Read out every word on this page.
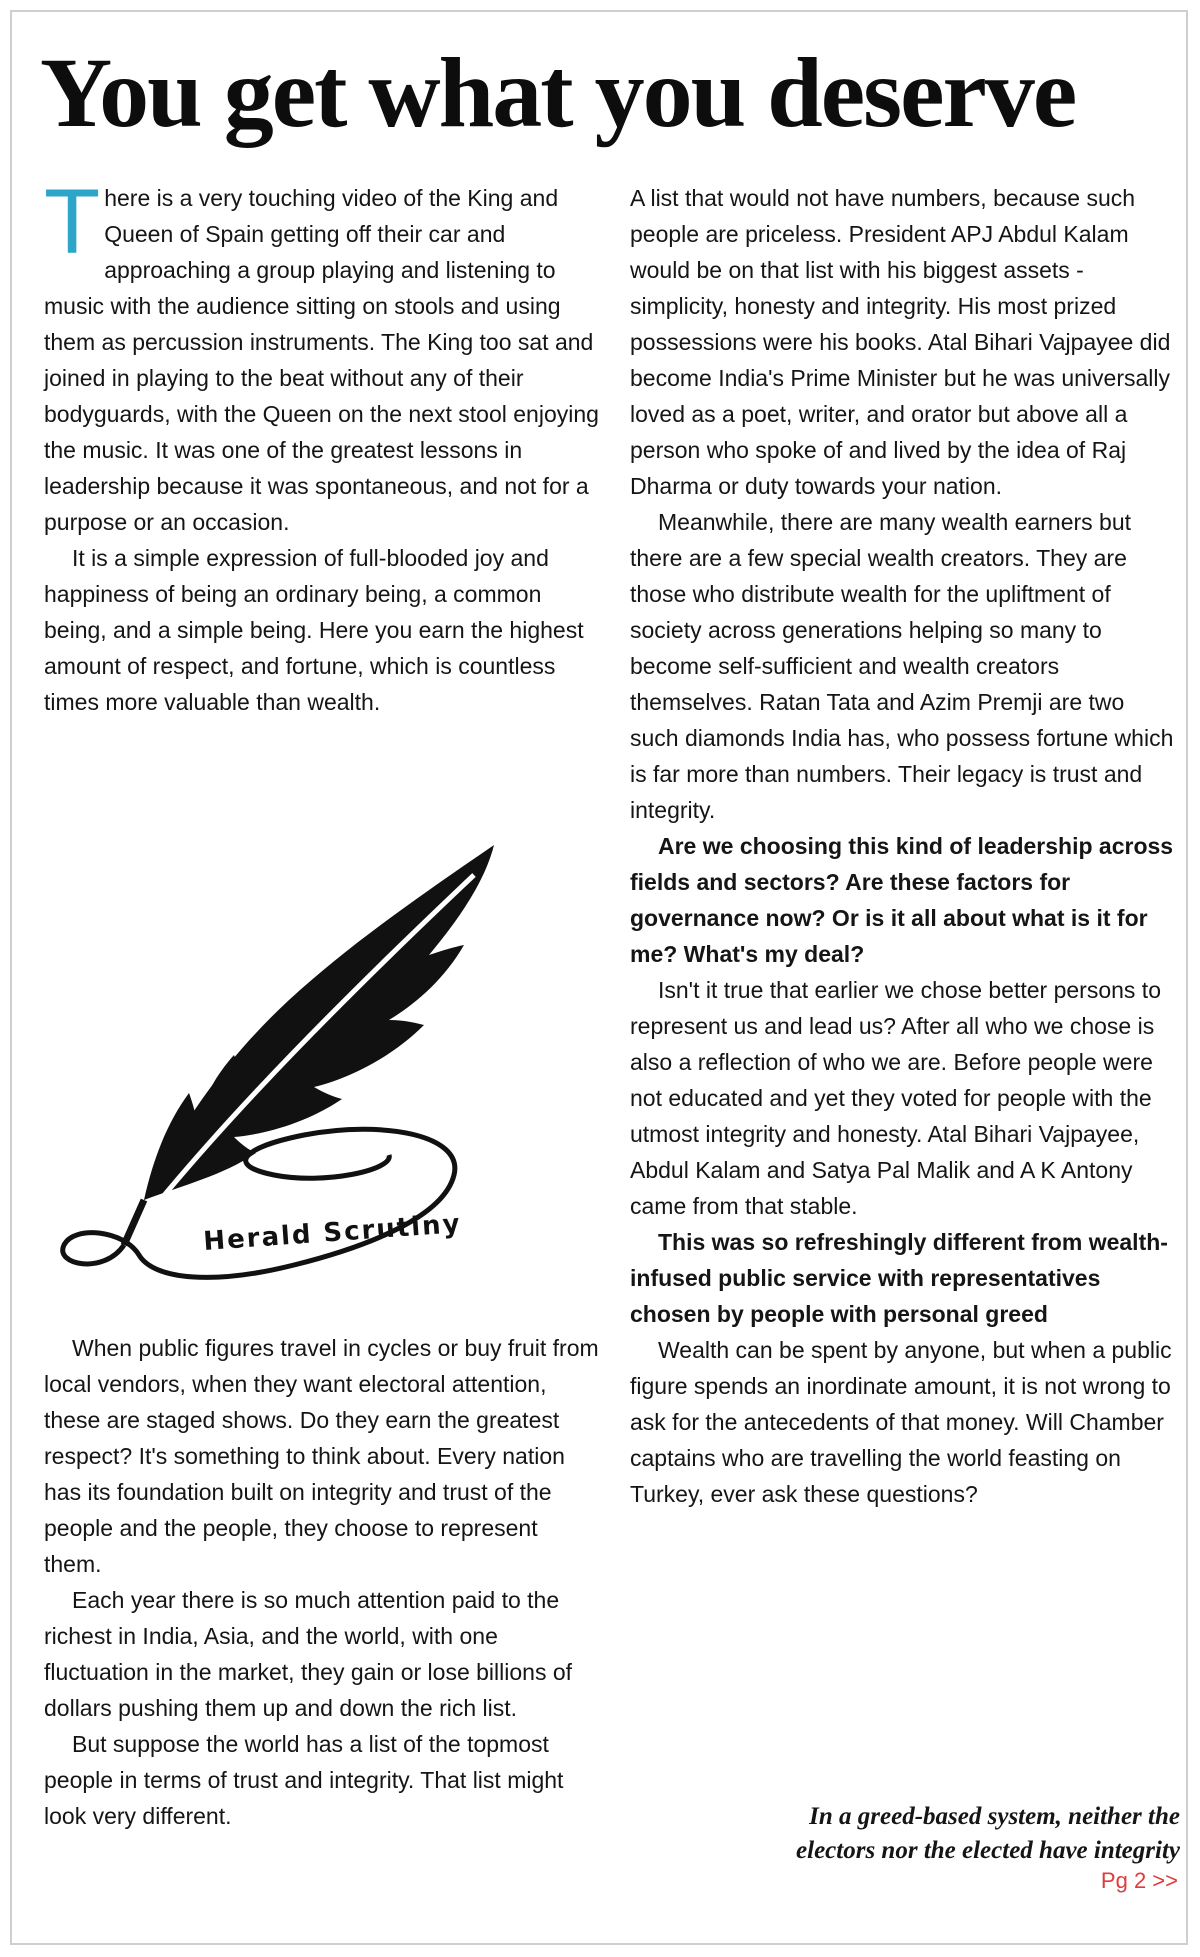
You get what you deserve

There is a very touching video of the King and Queen of Spain getting off their car and approaching a group playing and listening to music with the audience sitting on stools and using them as percussion instruments. The King too sat and joined in playing to the beat without any of their bodyguards, with the Queen on the next stool enjoying the music. It was one of the greatest lessons in leadership because it was spontaneous, and not for a purpose or an occasion.

It is a simple expression of full-blooded joy and happiness of being an ordinary being, a common being, and a simple being. Here you earn the highest amount of respect, and fortune, which is countless times more valuable than wealth.

Herald Scrutiny

When public figures travel in cycles or buy fruit from local vendors, when they want electoral attention, these are staged shows. Do they earn the greatest respect? It's something to think about. Every nation has its foundation built on integrity and trust of the people and the people, they choose to represent them.

Each year there is so much attention paid to the richest in India, Asia, and the world, with one fluctuation in the market, they gain or lose billions of dollars pushing them up and down the rich list.

But suppose the world has a list of the topmost people in terms of trust and integrity. That list might look very different.

A list that would not have numbers, because such people are priceless. President APJ Abdul Kalam would be on that list with his biggest assets - simplicity, honesty and integrity. His most prized possessions were his books. Atal Bihari Vajpayee did become India's Prime Minister but he was universally loved as a poet, writer, and orator but above all a person who spoke of and lived by the idea of Raj Dharma or duty towards your nation.

Meanwhile, there are many wealth earners but there are a few special wealth creators. They are those who distribute wealth for the upliftment of society across generations helping so many to become self-sufficient and wealth creators themselves. Ratan Tata and Azim Premji are two such diamonds India has, who possess fortune which is far more than numbers. Their legacy is trust and integrity.

Are we choosing this kind of leadership across fields and sectors? Are these factors for governance now? Or is it all about what is it for me? What's my deal?

Isn't it true that earlier we chose better persons to represent us and lead us? After all who we chose is also a reflection of who we are. Before people were not educated and yet they voted for people with the utmost integrity and honesty. Atal Bihari Vajpayee, Abdul Kalam and Satya Pal Malik and A K Antony came from that stable.

This was so refreshingly different from wealth-infused public service with representatives chosen by people with personal greed

Wealth can be spent by anyone, but when a public figure spends an inordinate amount, it is not wrong to ask for the antecedents of that money. Will Chamber captains who are travelling the world feasting on Turkey, ever ask these questions?

In a greed-based system, neither the
electors nor the elected have integrity
Pg 2 >>
